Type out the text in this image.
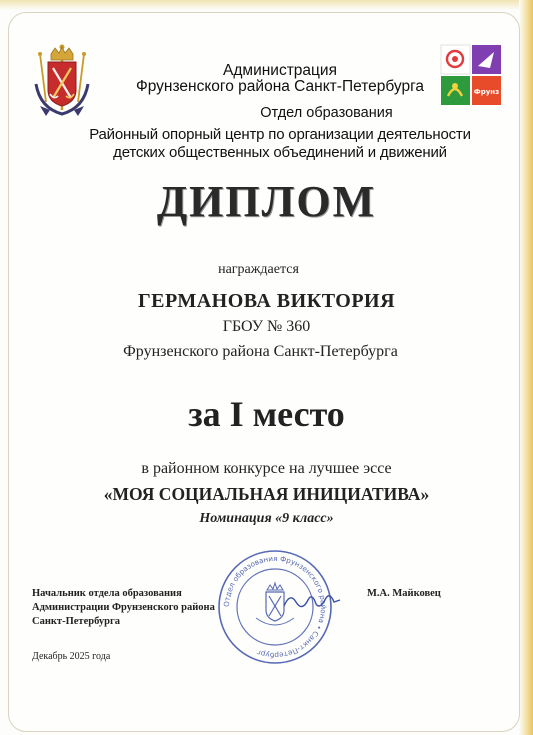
Фрунз
Администрация
Фрунзенского района Санкт-Петербурга
Отдел образования
Районный опорный центр по организации деятельности
детских общественных объединений и движений
ДИПЛОМ
награждается
ГЕРМАНОВА ВИКТОРИЯ
ГБОУ № 360
Фрунзенского района Санкт-Петербурга
за I место
в районном конкурсе на лучшее эссе
«МОЯ СОЦИАЛЬНАЯ ИНИЦИАТИВА»
Номинация «9 класс»
Начальник отдела образования
Администрации Фрунзенского района
Санкт-Петербурга
М.А. Майковец
Отдел образования Фрунзенского района • Санкт-Петербург
Декабрь 2025 года
